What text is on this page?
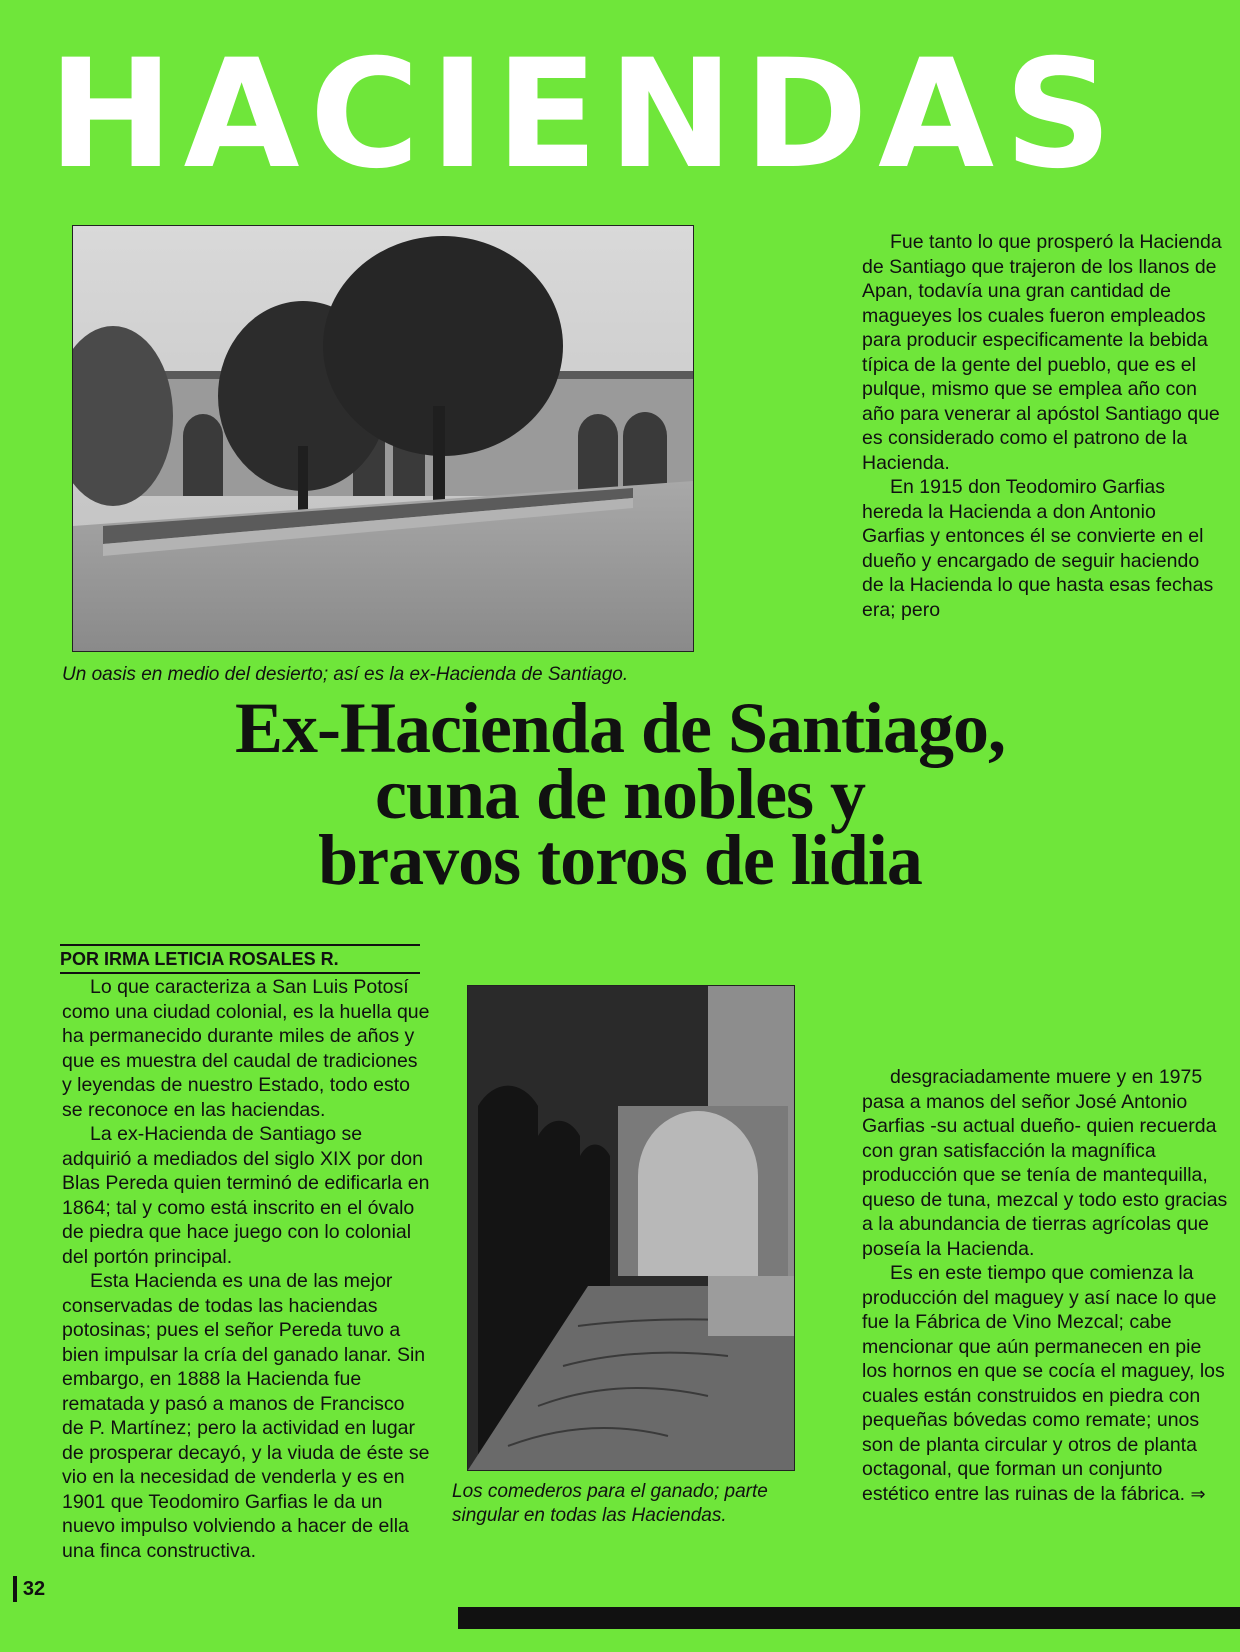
HACIENDAS
Un oasis en medio del desierto; así es la ex-Hacienda de Santiago.
Ex-Hacienda de Santiago,
cuna de nobles y
bravos toros de lidia

Fue tanto lo que prosperó la Hacienda de Santiago que trajeron de los llanos de Apan, todavía una gran cantidad de magueyes los cuales fueron empleados para producir especificamente la bebida típica de la gente del pueblo, que es el pulque, mismo que se emplea año con año para venerar al apóstol Santiago que es considerado como el patrono de la Hacienda.

En 1915 don Teodomiro Garfias hereda la Hacienda a don Antonio Garfias y entonces él se convierte en el dueño y encargado de seguir haciendo de la Hacienda lo que hasta esas fechas era; pero

POR IRMA LETICIA ROSALES R.

Lo que caracteriza a San Luis Potosí como una ciudad colonial, es la huella que ha permanecido durante miles de años y que es muestra del caudal de tradiciones y leyendas de nuestro Estado, todo esto se reconoce en las haciendas.

La ex-Hacienda de Santiago se adquirió a mediados del siglo XIX por don Blas Pereda quien terminó de edificarla en 1864; tal y como está inscrito en el óvalo de piedra que hace juego con lo colonial del portón principal.

Esta Hacienda es una de las mejor conservadas de todas las haciendas potosinas; pues el señor Pereda tuvo a bien impulsar la cría del ganado lanar. Sin embargo, en 1888 la Hacienda fue rematada y pasó a manos de Francisco de P. Martínez; pero la actividad en lugar de prosperar decayó, y la viuda de éste se vio en la necesidad de venderla y es en 1901 que Teodomiro Garfias le da un nuevo impulso volviendo a hacer de ella una finca constructiva.

Los comederos para el ganado; parte singular en todas las Haciendas.

desgraciadamente muere y en 1975 pasa a manos del señor José Antonio Garfias -su actual dueño- quien recuerda con gran satisfacción la magnífica producción que se tenía de mantequilla, queso de tuna, mezcal y todo esto gracias a la abundancia de tierras agrícolas que poseía la Hacienda.

Es en este tiempo que comienza la producción del maguey y así nace lo que fue la Fábrica de Vino Mezcal; cabe mencionar que aún permanecen en pie los hornos en que se cocía el maguey, los cuales están construidos en piedra con pequeñas bóvedas como remate; unos son de planta circular y otros de planta octagonal, que forman un conjunto estético entre las ruinas de la fábrica. ⇒

32
